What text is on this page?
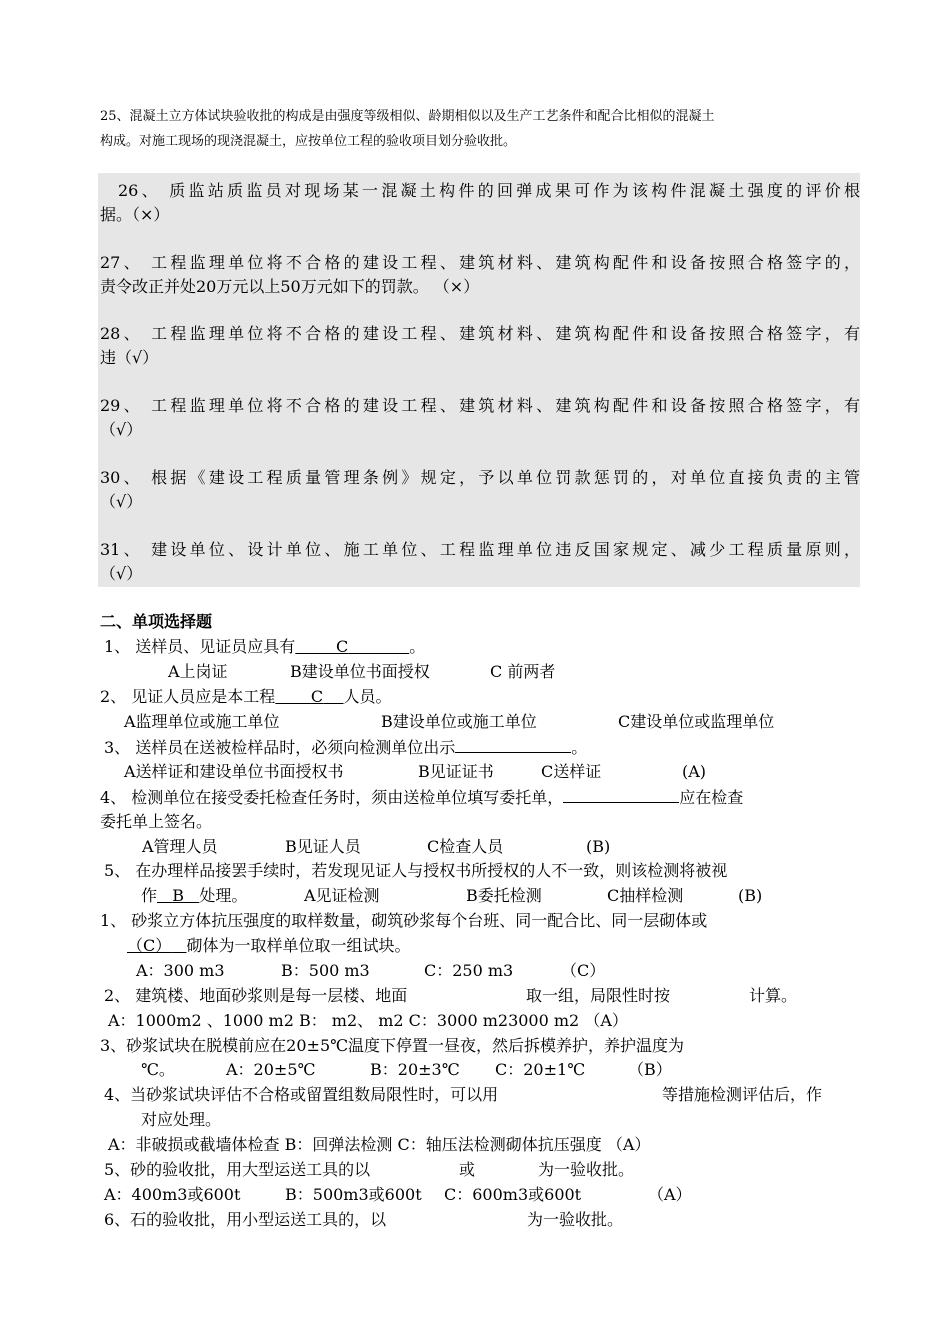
25、混凝土立方体试块验收批的构成是由强度等级相似、龄期相似以及生产工艺条件和配合比相似的混凝土
构成。对施工现场的现浇混凝土，应按单位工程的验收项目划分验收批。
26、 质监站质监员对现场某一混凝土构件的回弹成果可作为该构件混凝土强度的评价根
据。（×）
27、 工程监理单位将不合格的建设工程、建筑材料、建筑构配件和设备按照合格签字的，
责令改正并处20万元以上50万元如下的罚款。 （×）
28、 工程监理单位将不合格的建设工程、建筑材料、建筑构配件和设备按照合格签字，有
违（√）
29、 工程监理单位将不合格的建设工程、建筑材料、建筑构配件和设备按照合格签字，有
（√）
30、 根据《建设工程质量管理条例》规定，予以单位罚款惩罚的，对单位直接负责的主管
（√）
31、 建设单位、设计单位、施工单位、工程监理单位违反国家规定、减少工程质量原则，
（√）
二、单项选择题
1、 送样员、见证员应具有	C	。
A上岗证	B建设单位书面授权	C 前两者
2、 见证人员应是本工程 C 人员。
A监理单位或施工单位	B建设单位或施工单位	C建设单位或监理单位
3、 送样员在送被检样品时，必须向检测单位出示	。
A送样证和建设单位书面授权书	B见证证书	C送样证	(A)
4、 检测单位在接受委托检查任务时，须由送检单位填写委托单，	应在检查
委托单上签名。
A管理人员	B见证人员	C检查人员	(B)
5、 在办理样品接罢手续时，若发现见证人与授权书所授权的人不一致，则该检测将被视
作 B 处理。	A见证检测	B委托检测	C抽样检测	(B)
1、 砂浆立方体抗压强度的取样数量，砌筑砂浆每个台班、同一配合比、同一层砌体或
（C） 砌体为一取样单位取一组试块。
A：300 m3	B：500 m3	C：250 m3	（C）
2、 建筑楼、地面砂浆则是每一层楼、地面	取一组，局限性时按	计算。
A：1000m2 、1000 m2 B： m2、 m2 C：3000 m23000 m2 （A）
3、砂浆试块在脱模前应在20±5℃温度下停置一昼夜，然后拆模养护，养护温度为
℃。	A：20±5℃	B：20±3℃ C：20±1℃	（B）
4、当砂浆试块评估不合格或留置组数局限性时，可以用	等措施检测评估后，作
对应处理。
A：非破损或截墙体检查 B：回弹法检测 C：轴压法检测砌体抗压强度 （A）
5、砂的验收批，用大型运送工具的以	或	为一验收批。
A：400m3或600t	B：500m3或600t C：600m3或600t	（A）
6、石的验收批，用小型运送工具的，以	为一验收批。
